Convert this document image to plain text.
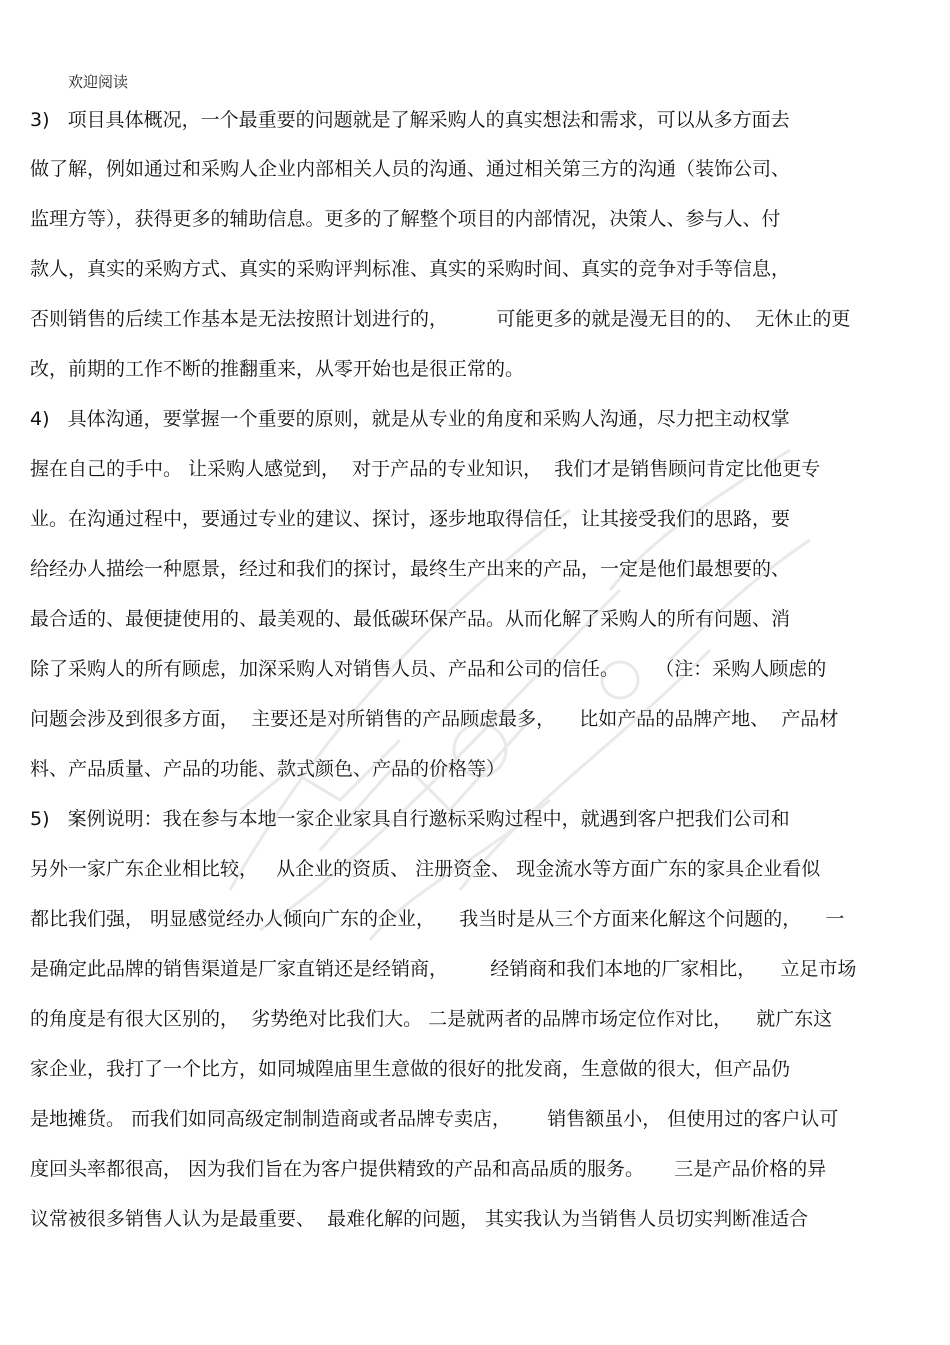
欢迎阅读
3)   项目具体概况，一个最重要的问题就是了解采购人的真实想法和需求，可以从多方面去
做了解，例如通过和采购人企业内部相关人员的沟通、通过相关第三方的沟通（装饰公司、
监理方等），获得更多的辅助信息。更多的了解整个项目的内部情况，决策人、参与人、付
款人，真实的采购方式、真实的采购评判标准、真实的采购时间、真实的竞争对手等信息，
否则销售的后续工作基本是无法按照计划进行的，        可能更多的就是漫无目的的、  无休止的更
改，前期的工作不断的推翻重来，从零开始也是很正常的。
4)   具体沟通，要掌握一个重要的原则，就是从专业的角度和采购人沟通，尽力把主动权掌
握在自己的手中。 让采购人感觉到，  对于产品的专业知识，  我们才是销售顾问肯定比他更专
业。在沟通过程中，要通过专业的建议、探讨，逐步地取得信任，让其接受我们的思路，要
给经办人描绘一种愿景，经过和我们的探讨，最终生产出来的产品，一定是他们最想要的、
最合适的、最便捷使用的、最美观的、最低碳环保产品。从而化解了采购人的所有问题、消
除了采购人的所有顾虑，加深采购人对销售人员、产品和公司的信任。      （注：采购人顾虑的
问题会涉及到很多方面，  主要还是对所销售的产品顾虑最多，    比如产品的品牌产地、  产品材
料、产品质量、产品的功能、款式颜色、产品的价格等）
5)   案例说明：我在参与本地一家企业家具自行邀标采购过程中，就遇到客户把我们公司和
另外一家广东企业相比较，   从企业的资质、 注册资金、 现金流水等方面广东的家具企业看似
都比我们强， 明显感觉经办人倾向广东的企业，    我当时是从三个方面来化解这个问题的，    一
是确定此品牌的销售渠道是厂家直销还是经销商，       经销商和我们本地的厂家相比，    立足市场
的角度是有很大区别的，  劣势绝对比我们大。 二是就两者的品牌市场定位作对比，    就广东这
家企业，我打了一个比方，如同城隍庙里生意做的很好的批发商，生意做的很大，但产品仍
是地摊货。 而我们如同高级定制制造商或者品牌专卖店，      销售额虽小， 但使用过的客户认可
度回头率都很高， 因为我们旨在为客户提供精致的产品和高品质的服务。     三是产品价格的异
议常被很多销售人认为是最重要、  最难化解的问题， 其实我认为当销售人员切实判断准适合
